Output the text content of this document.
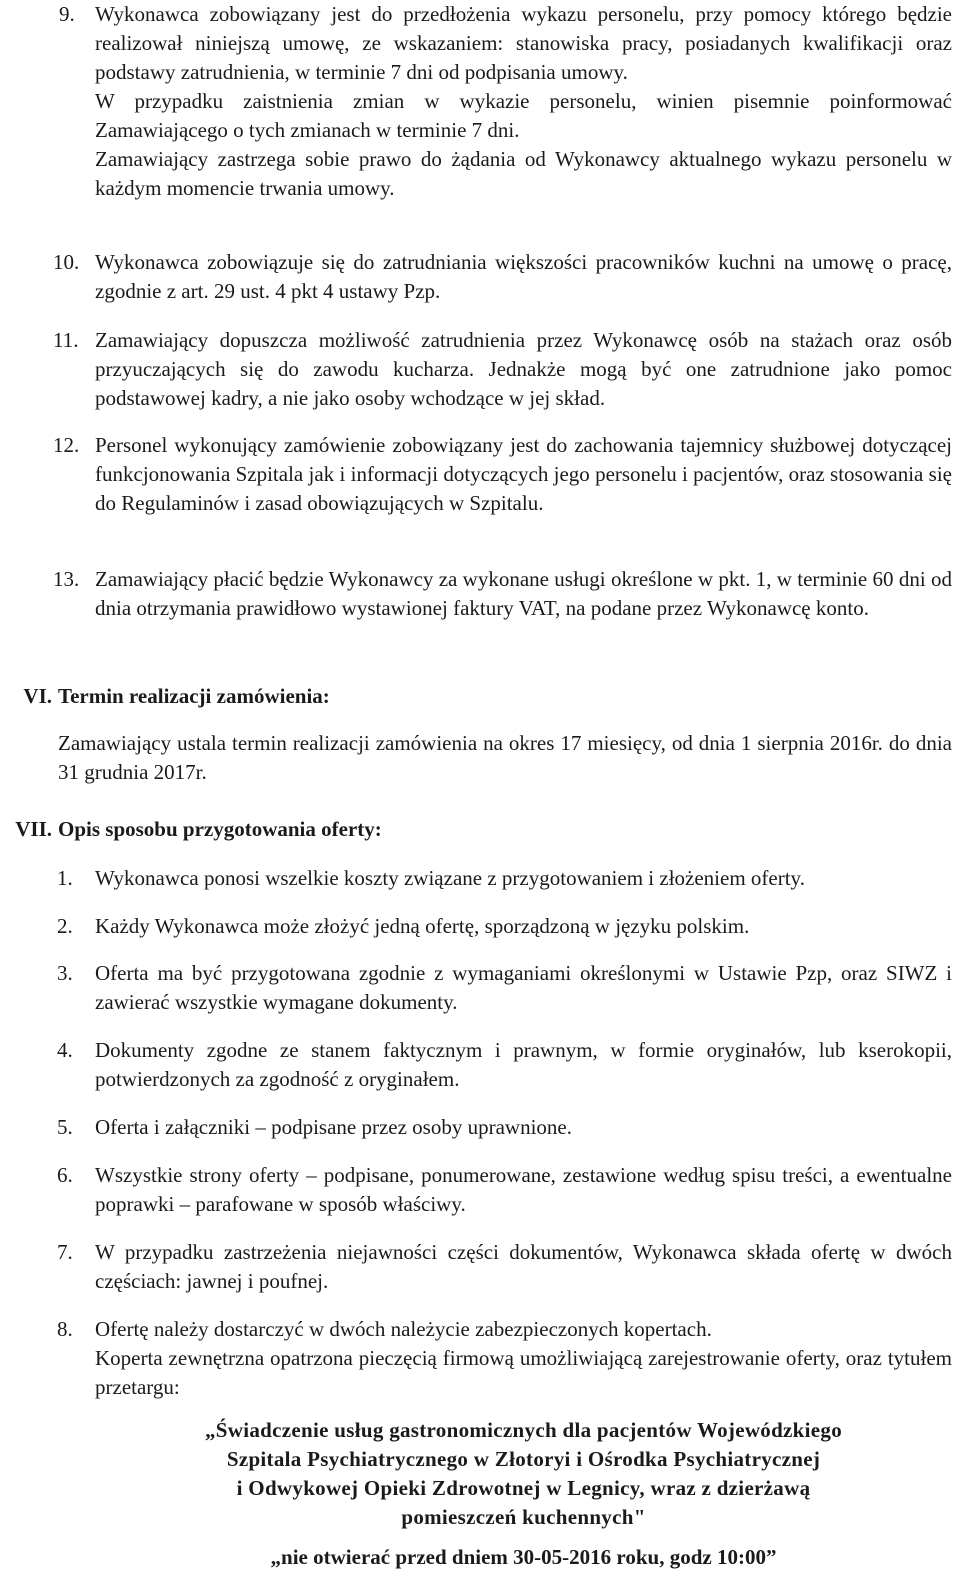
9. Wykonawca zobowiązany jest do przedłożenia wykazu personelu, przy pomocy którego będzie realizował niniejszą umowę, ze wskazaniem: stanowiska pracy, posiadanych kwalifikacji oraz podstawy zatrudnienia, w terminie 7 dni od podpisania umowy.
W przypadku zaistnienia zmian w wykazie personelu, winien pisemnie poinformować Zamawiającego o tych zmianach w terminie 7 dni.
Zamawiający zastrzega sobie prawo do żądania od Wykonawcy aktualnego wykazu personelu w każdym momencie trwania umowy.
10. Wykonawca zobowiązuje się do zatrudniania większości pracowników kuchni na umowę o pracę, zgodnie z art. 29 ust. 4 pkt 4 ustawy Pzp.
11. Zamawiający dopuszcza możliwość zatrudnienia przez Wykonawcę osób na stażach oraz osób przyuczających się do zawodu kucharza. Jednakże mogą być one zatrudnione jako pomoc podstawowej kadry, a nie jako osoby wchodzące w jej skład.
12. Personel wykonujący zamówienie zobowiązany jest do zachowania tajemnicy służbowej dotyczącej funkcjonowania Szpitala jak i informacji dotyczących jego personelu i pacjentów, oraz stosowania się do Regulaminów i zasad obowiązujących w Szpitalu.
13. Zamawiający płacić będzie Wykonawcy za wykonane usługi określone w pkt. 1, w terminie 60 dni od dnia otrzymania prawidłowo wystawionej faktury VAT, na podane przez Wykonawcę konto.
VI. Termin realizacji zamówienia:
Zamawiający ustala termin realizacji zamówienia na okres 17 miesięcy, od dnia 1 sierpnia 2016r. do dnia 31 grudnia 2017r.
VII. Opis sposobu przygotowania oferty:
1.	Wykonawca ponosi wszelkie koszty związane z przygotowaniem i złożeniem oferty.
2.	Każdy Wykonawca może złożyć jedną ofertę, sporządzoną w języku polskim.
3.	Oferta ma być przygotowana zgodnie z wymaganiami określonymi w Ustawie Pzp, oraz SIWZ i zawierać wszystkie wymagane dokumenty.
4.	Dokumenty zgodne ze stanem faktycznym i prawnym, w formie oryginałów, lub kserokopii, potwierdzonych za zgodność z oryginałem.
5.	Oferta i załączniki – podpisane przez osoby uprawnione.
6.	Wszystkie strony oferty – podpisane, ponumerowane, zestawione według spisu treści, a ewentualne poprawki – parafowane w sposób właściwy.
7.	W przypadku zastrzeżenia niejawności części dokumentów, Wykonawca składa ofertę w dwóch częściach: jawnej i poufnej.
8.	Ofertę należy dostarczyć w dwóch należycie zabezpieczonych kopertach.
Koperta zewnętrzna opatrzona pieczęcią firmową umożliwiającą zarejestrowanie oferty, oraz tytułem przetargu:
„Świadczenie usług gastronomicznych dla pacjentów Wojewódzkiego
Szpitala Psychiatrycznego w Złotoryi i Ośrodka Psychiatrycznej
i Odwykowej Opieki Zdrowotnej w Legnicy, wraz z dzierżawą
pomieszczeń kuchennych"
„nie otwierać przed dniem 30-05-2016 roku, godz 10:00”
